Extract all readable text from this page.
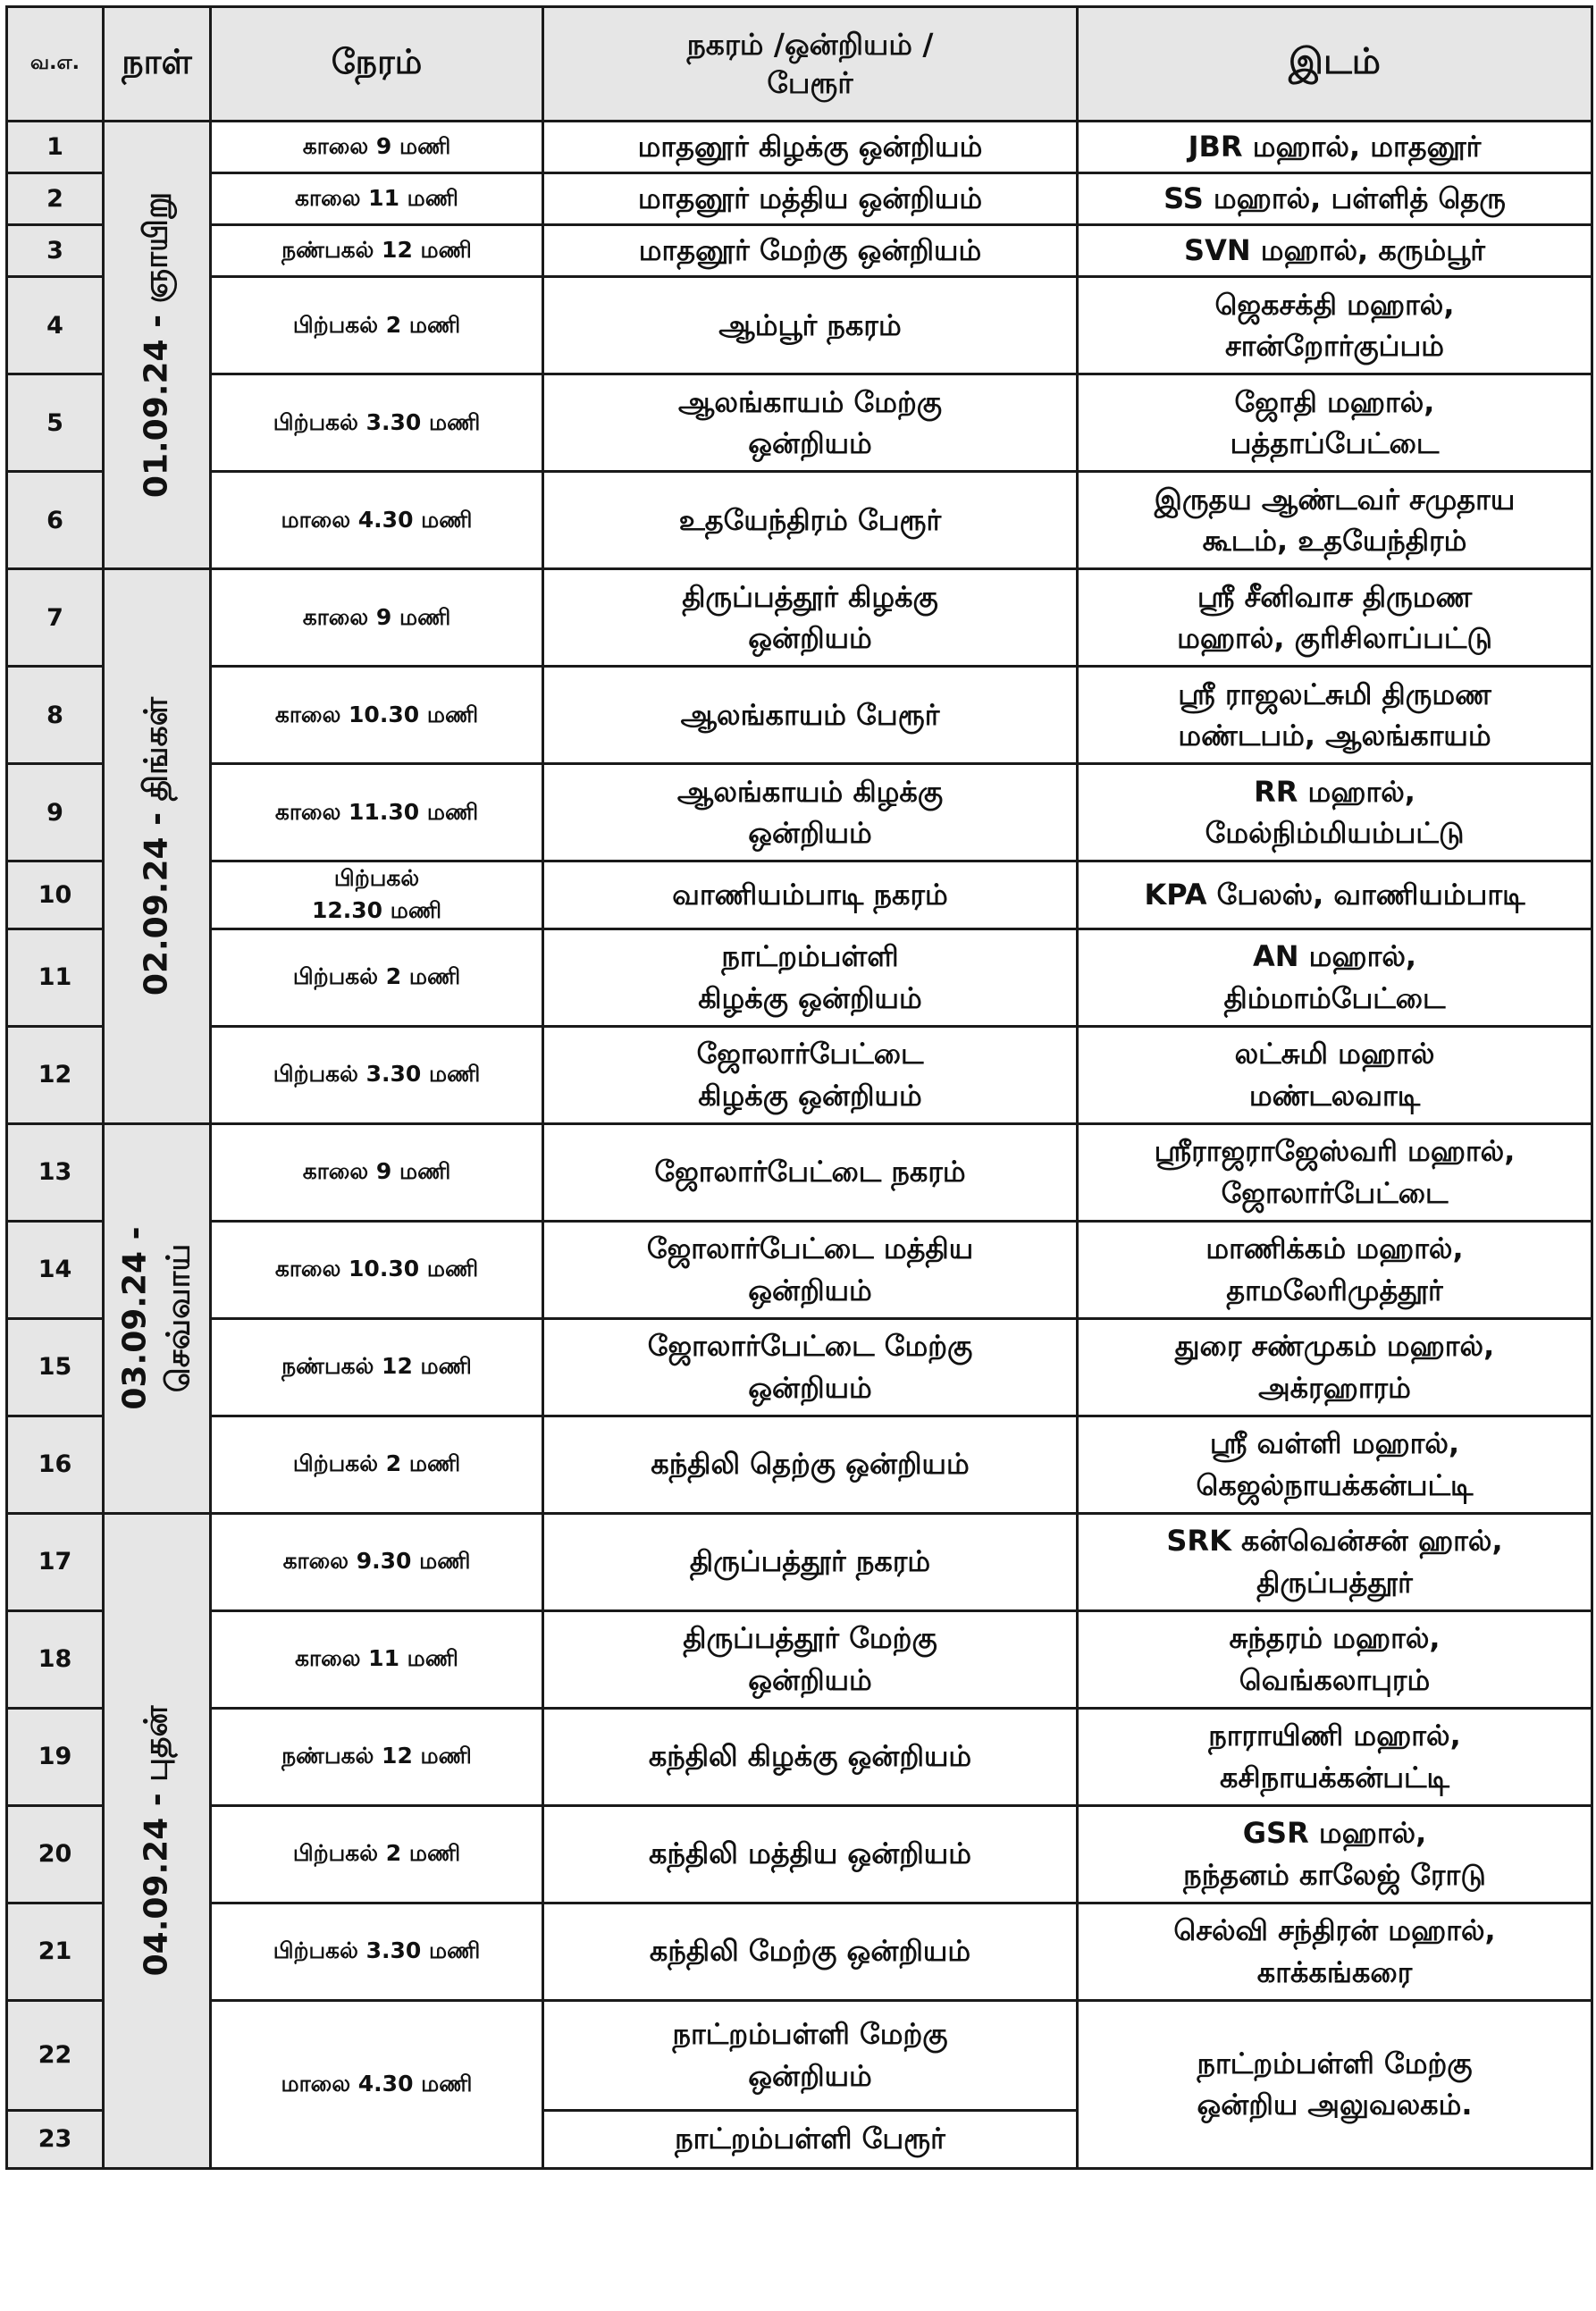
வ.எ.	நாள்	நேரம்	நகரம் /ஒன்றியம் /
பேரூர்	இடம்
1	01.09.24 - ஞாயிறு	காலை 9 மணி	மாதனூர் கிழக்கு ஒன்றியம்	JBR மஹால், மாதனூர்

2		காலை 11 மணி	மாதனூர் மத்திய ஒன்றியம்	SS மஹால், பள்ளித் தெரு

3		நண்பகல் 12 மணி	மாதனூர் மேற்கு ஒன்றியம்	SVN மஹால், கரும்பூர்

4		பிற்பகல் 2 மணி	ஆம்பூர் நகரம்	ஜெகசக்தி மஹால்,
சான்றோர்குப்பம்

5		பிற்பகல் 3.30 மணி	ஆலங்காயம் மேற்கு
ஒன்றியம்	ஜோதி மஹால்,
பத்தாப்பேட்டை

6		மாலை 4.30 மணி	உதயேந்திரம் பேரூர்	இருதய ஆண்டவர் சமுதாய
கூடம், உதயேந்திரம்

7	02.09.24 - திங்கள்	காலை 9 மணி	திருப்பத்தூர் கிழக்கு
ஒன்றியம்	ஸ்ரீ சீனிவாச திருமண
மஹால், குரிசிலாப்பட்டு

8		காலை 10.30 மணி	ஆலங்காயம் பேரூர்	ஸ்ரீ ராஜலட்சுமி திருமண
மண்டபம், ஆலங்காயம்

9		காலை 11.30 மணி	ஆலங்காயம் கிழக்கு
ஒன்றியம்	RR மஹால்,
மேல்நிம்மியம்பட்டு

10		பிற்பகல்
12.30 மணி	வாணியம்பாடி நகரம்	KPA பேலஸ், வாணியம்பாடி

11		பிற்பகல் 2 மணி	நாட்றம்பள்ளி
கிழக்கு ஒன்றியம்	AN மஹால்,
திம்மாம்பேட்டை

12		பிற்பகல் 3.30 மணி	ஜோலார்பேட்டை
கிழக்கு ஒன்றியம்	லட்சுமி மஹால்
மண்டலவாடி

13	03.09.24 - செவ்வாய்	காலை 9 மணி	ஜோலார்பேட்டை நகரம்	ஸ்ரீராஜராஜேஸ்வரி மஹால்,
ஜோலார்பேட்டை

14		காலை 10.30 மணி	ஜோலார்பேட்டை மத்திய
ஒன்றியம்	மாணிக்கம் மஹால்,
தாமலேரிமுத்தூர்

15		நண்பகல் 12 மணி	ஜோலார்பேட்டை மேற்கு
ஒன்றியம்	துரை சண்முகம் மஹால்,
அக்ரஹாரம்

16		பிற்பகல் 2 மணி	கந்திலி தெற்கு ஒன்றியம்	ஸ்ரீ வள்ளி மஹால்,
கெஜல்நாயக்கன்பட்டி

17	04.09.24 - புதன்	காலை 9.30 மணி	திருப்பத்தூர் நகரம்	SRK கன்வென்சன் ஹால்,
திருப்பத்தூர்

18		காலை 11 மணி	திருப்பத்தூர் மேற்கு
ஒன்றியம்	சுந்தரம் மஹால்,
வெங்கலாபுரம்

19		நண்பகல் 12 மணி	கந்திலி கிழக்கு ஒன்றியம்	நாராயிணி மஹால்,
கசிநாயக்கன்பட்டி

20		பிற்பகல் 2 மணி	கந்திலி மத்திய ஒன்றியம்	GSR மஹால்,
நந்தனம் காலேஜ் ரோடு

21		பிற்பகல் 3.30 மணி	கந்திலி மேற்கு ஒன்றியம்	செல்வி சந்திரன் மஹால்,
காக்கங்கரை

22		மாலை 4.30 மணி	நாட்றம்பள்ளி மேற்கு
ஒன்றியம்	நாட்றம்பள்ளி மேற்கு
ஒன்றிய அலுவலகம்.

23			நாட்றம்பள்ளி பேரூர்	
